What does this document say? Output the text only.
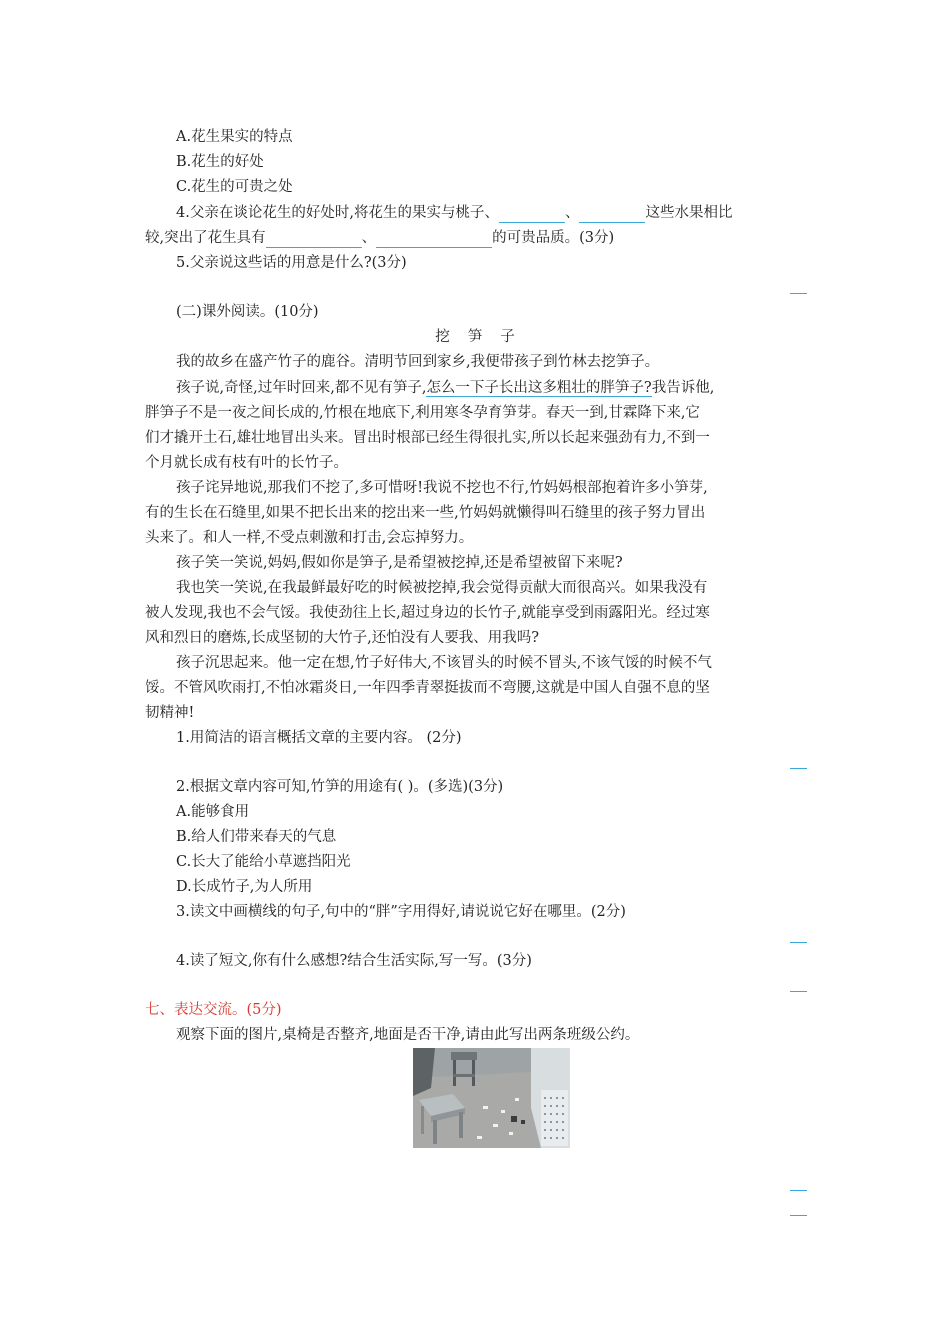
A.花生果实的特点
B.花生的好处
C.花生的可贵之处
4.父亲在谈论花生的好处时,将花生的果实与桃子、	、	这些水果相比
较,突出了花生具有	、	的可贵品质。(3分)
5.父亲说这些话的用意是什么?(3分)
(二)课外阅读。(10分)
挖 笋 子
我的故乡在盛产竹子的鹿谷。清明节回到家乡,我便带孩子到竹林去挖笋子。
孩子说,奇怪,过年时回来,都不见有笋子,怎么一下子长出这多粗壮的胖笋子?我告诉他,
胖笋子不是一夜之间长成的,竹根在地底下,利用寒冬孕育笋芽。春天一到,甘霖降下来,它
们才撬开土石,雄壮地冒出头来。冒出时根部已经生得很扎实,所以长起来强劲有力,不到一
个月就长成有枝有叶的长竹子。
孩子诧异地说,那我们不挖了,多可惜呀!我说不挖也不行,竹妈妈根部抱着许多小笋芽,
有的生长在石缝里,如果不把长出来的挖出来一些,竹妈妈就懒得叫石缝里的孩子努力冒出
头来了。和人一样,不受点刺激和打击,会忘掉努力。
孩子笑一笑说,妈妈,假如你是笋子,是希望被挖掉,还是希望被留下来呢?
我也笑一笑说,在我最鲜最好吃的时候被挖掉,我会觉得贡献大而很高兴。如果我没有
被人发现,我也不会气馁。我使劲往上长,超过身边的长竹子,就能享受到雨露阳光。经过寒
风和烈日的磨炼,长成坚韧的大竹子,还怕没有人要我、用我吗?
孩子沉思起来。他一定在想,竹子好伟大,不该冒头的时候不冒头,不该气馁的时候不气
馁。不管风吹雨打,不怕冰霜炎日,一年四季青翠挺拔而不弯腰,这就是中国人自强不息的坚
韧精神!
1.用简洁的语言概括文章的主要内容。 (2分)
2.根据文章内容可知,竹笋的用途有( )。(多选)(3分)
A.能够食用
B.给人们带来春天的气息
C.长大了能给小草遮挡阳光
D.长成竹子,为人所用
3.读文中画横线的句子,句中的“胖”字用得好,请说说它好在哪里。(2分)
4.读了短文,你有什么感想?结合生活实际,写一写。(3分)
七、表达交流。(5分)
观察下面的图片,桌椅是否整齐,地面是否干净,请由此写出两条班级公约。
